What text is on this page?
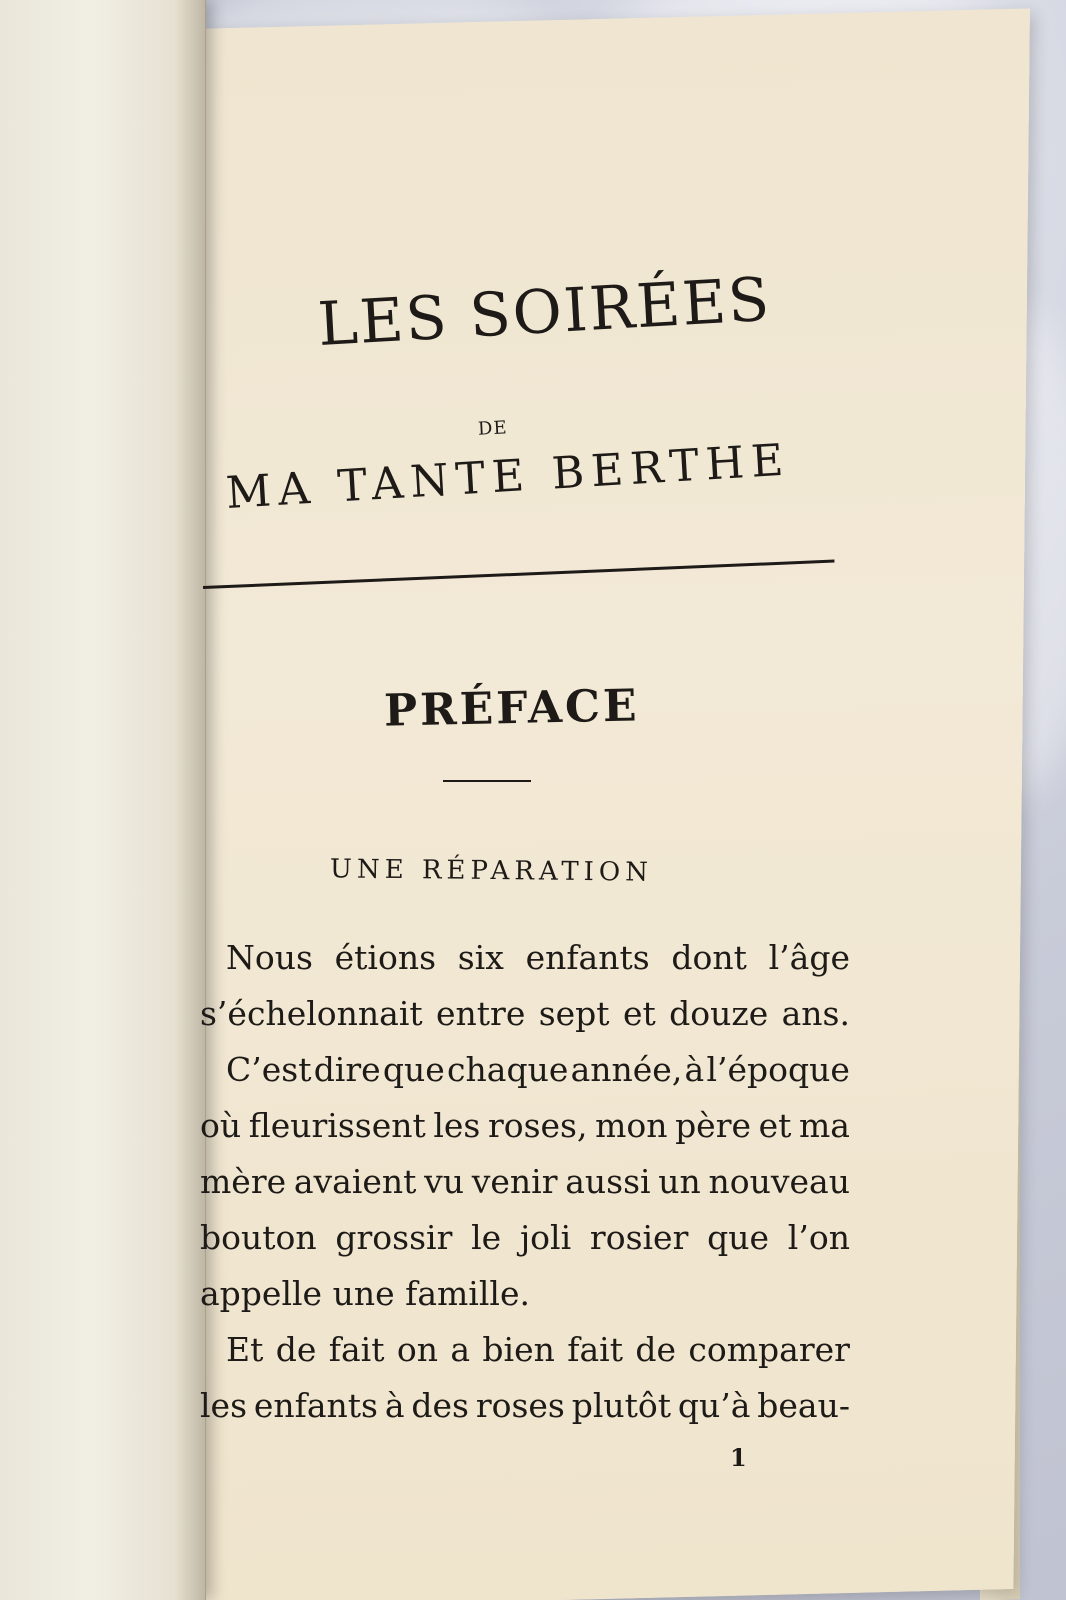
LES SOIRÉES
DE
MA TANTE BERTHE
PRÉFACE
UNE RÉPARATION
Nous étions six enfants dont l’âge
s’échelonnait entre sept et douze ans.
C’est dire que chaque année, à l’époque
où fleurissent les roses, mon père et ma
mère avaient vu venir aussi un nouveau
bouton grossir le joli rosier que l’on
appelle une famille.
Et de fait on a bien fait de comparer
les enfants à des roses plutôt qu’à beau-
1
